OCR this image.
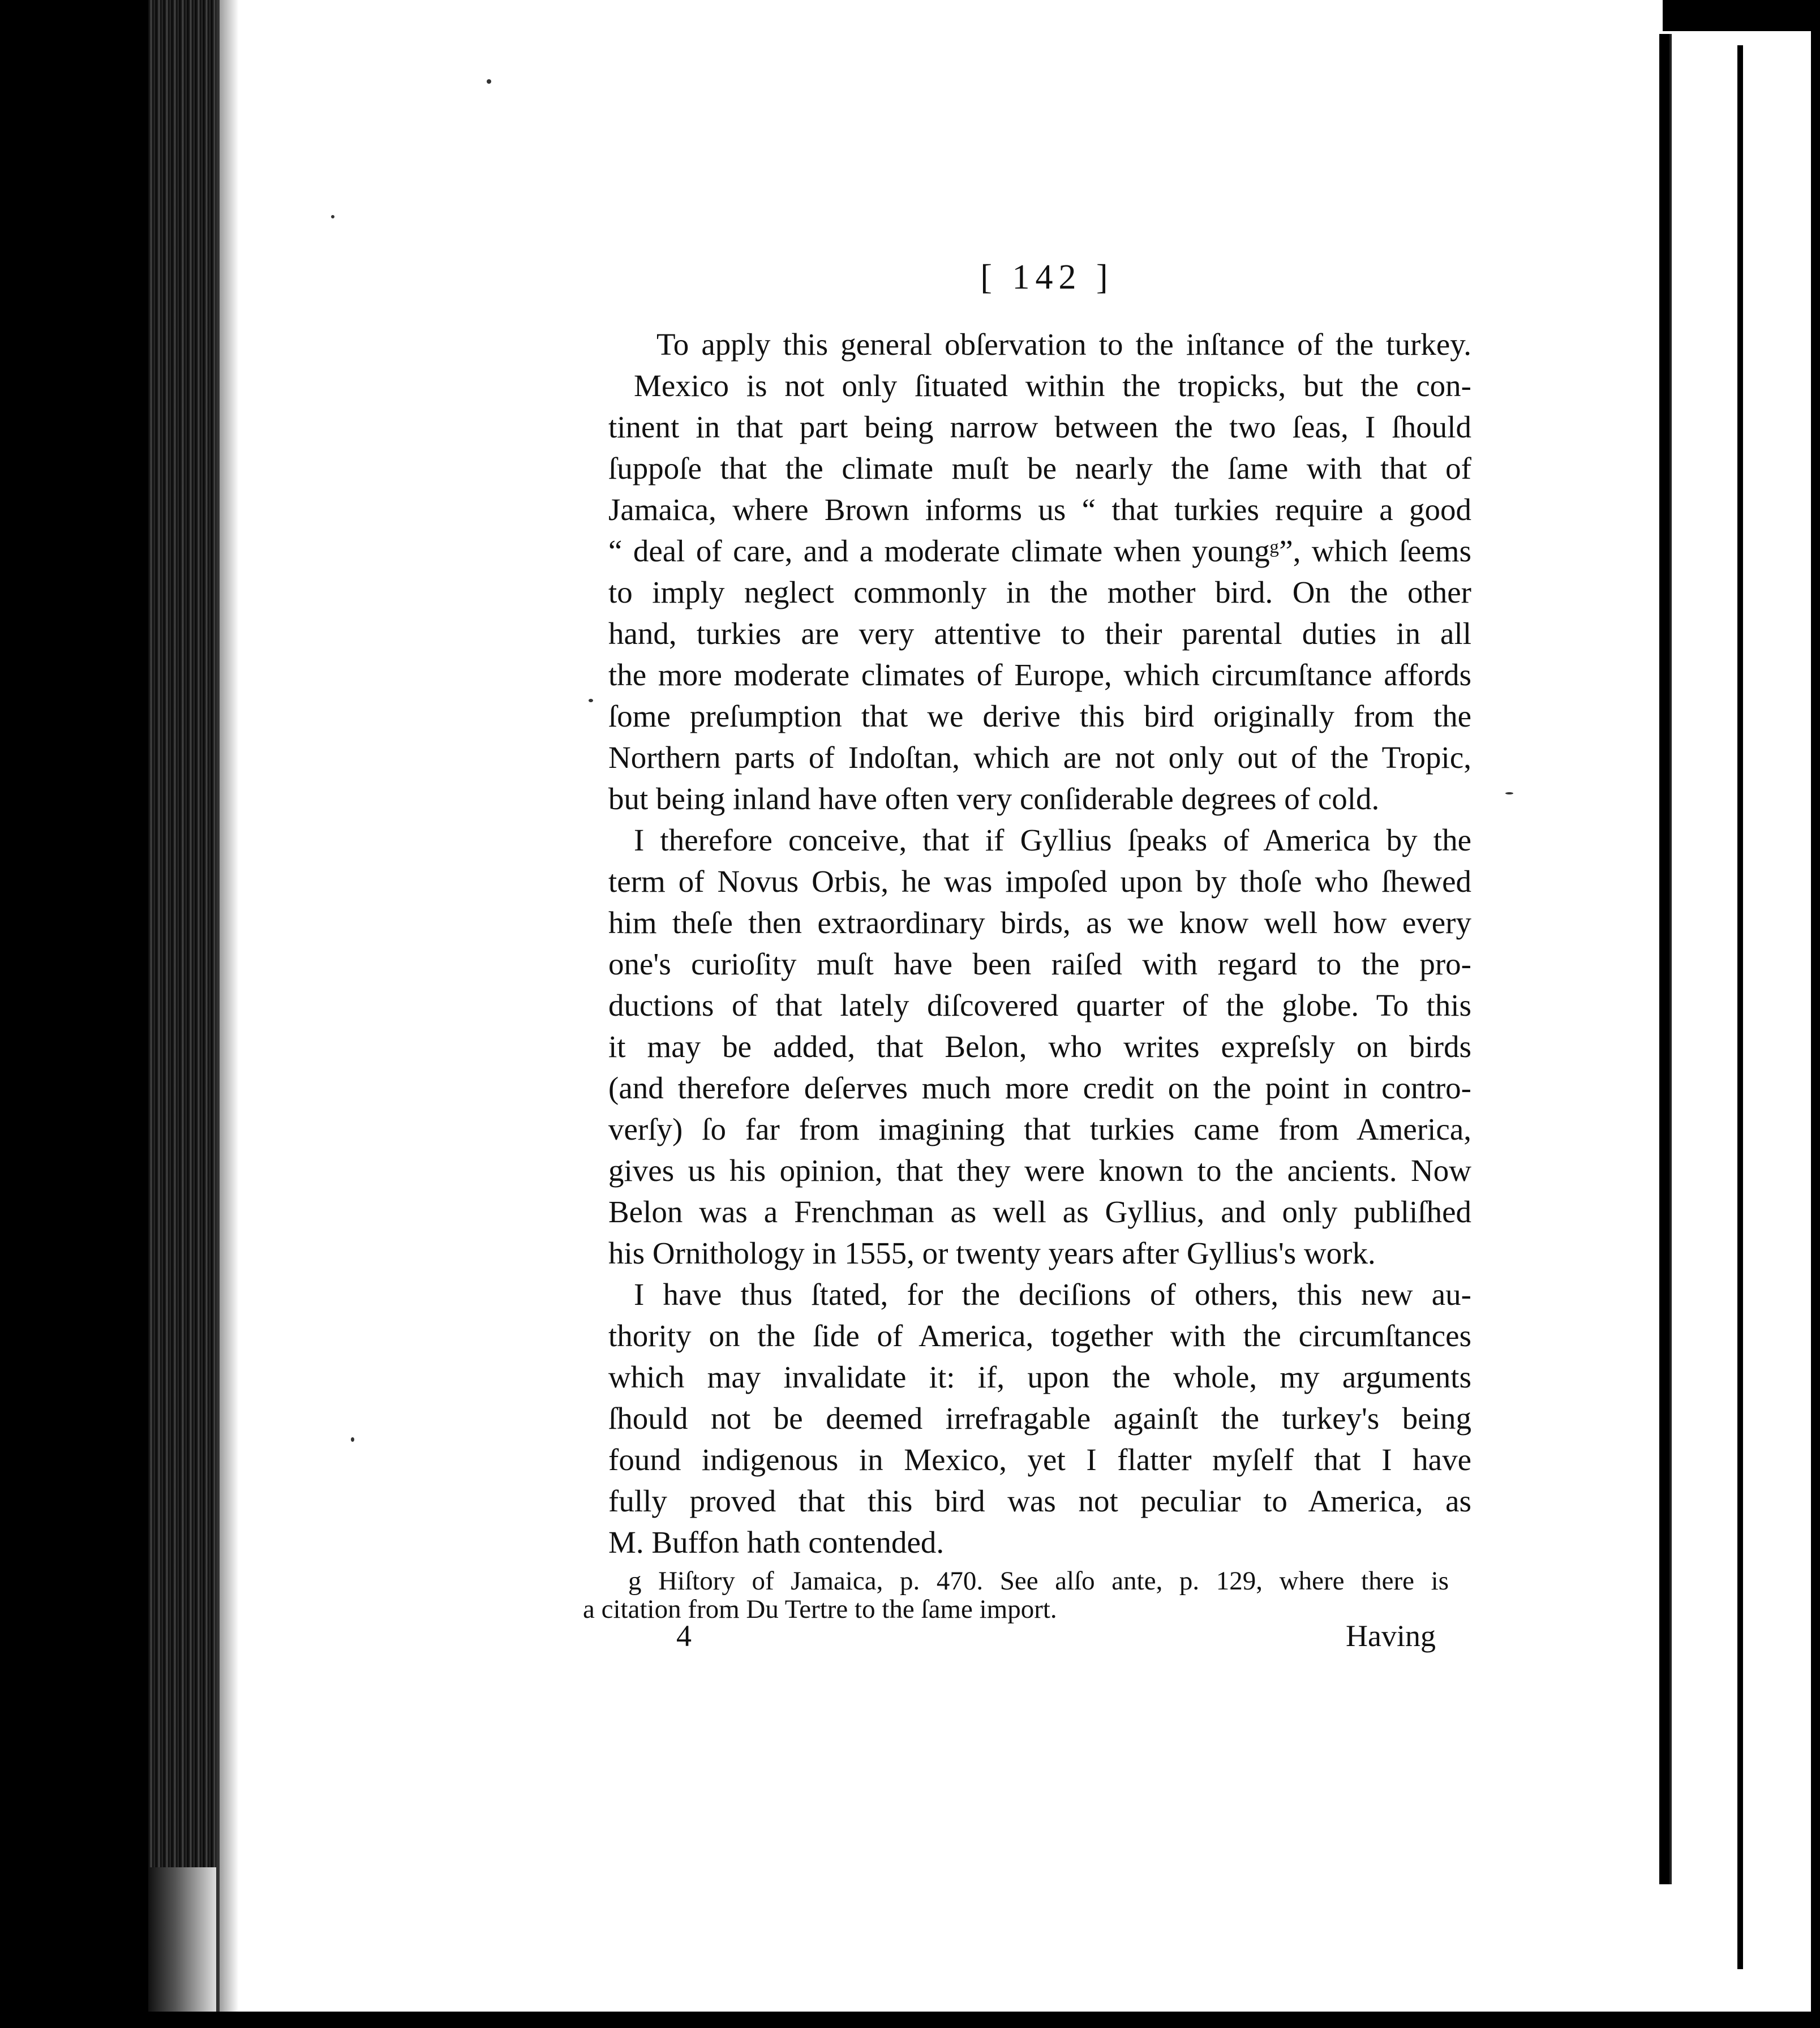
[ 142 ]
To apply this general obſervation to the inſtance of the turkey.
Mexico is not only ſituated within the tropicks, but the con-
tinent in that part being narrow between the two ſeas, I ſhould
ſuppoſe that the climate muſt be nearly the ſame with that of
Jamaica, where Brown informs us “ that turkies require a good
“ deal of care, and a moderate climate when youngᵍ”, which ſeems
to imply neglect commonly in the mother bird. On the other
hand, turkies are very attentive to their parental duties in all
the more moderate climates of Europe, which circumſtance affords
ſome preſumption that we derive this bird originally from the
Northern parts of Indoſtan, which are not only out of the Tropic,
but being inland have often very conſiderable degrees of cold.
I therefore conceive, that if Gyllius ſpeaks of America by the
term of Novus Orbis, he was impoſed upon by thoſe who ſhewed
him theſe then extraordinary birds, as we know well how every
one's curioſity muſt have been raiſed with regard to the pro-
ductions of that lately diſcovered quarter of the globe. To this
it may be added, that Belon, who writes expreſsly on birds
(and therefore deſerves much more credit on the point in contro-
verſy) ſo far from imagining that turkies came from America,
gives us his opinion, that they were known to the ancients. Now
Belon was a Frenchman as well as Gyllius, and only publiſhed
his Ornithology in 1555, or twenty years after Gyllius's work.
I have thus ſtated, for the deciſions of others, this new au-
thority on the ſide of America, together with the circumſtances
which may invalidate it: if, upon the whole, my arguments
ſhould not be deemed irrefragable againſt the turkey's being
found indigenous in Mexico, yet I flatter myſelf that I have
fully proved that this bird was not peculiar to America, as
M. Buffon hath contended.
g Hiſtory of Jamaica, p. 470. See alſo ante, p. 129, where there is
a citation from Du Tertre to the ſame import.
4	Having
